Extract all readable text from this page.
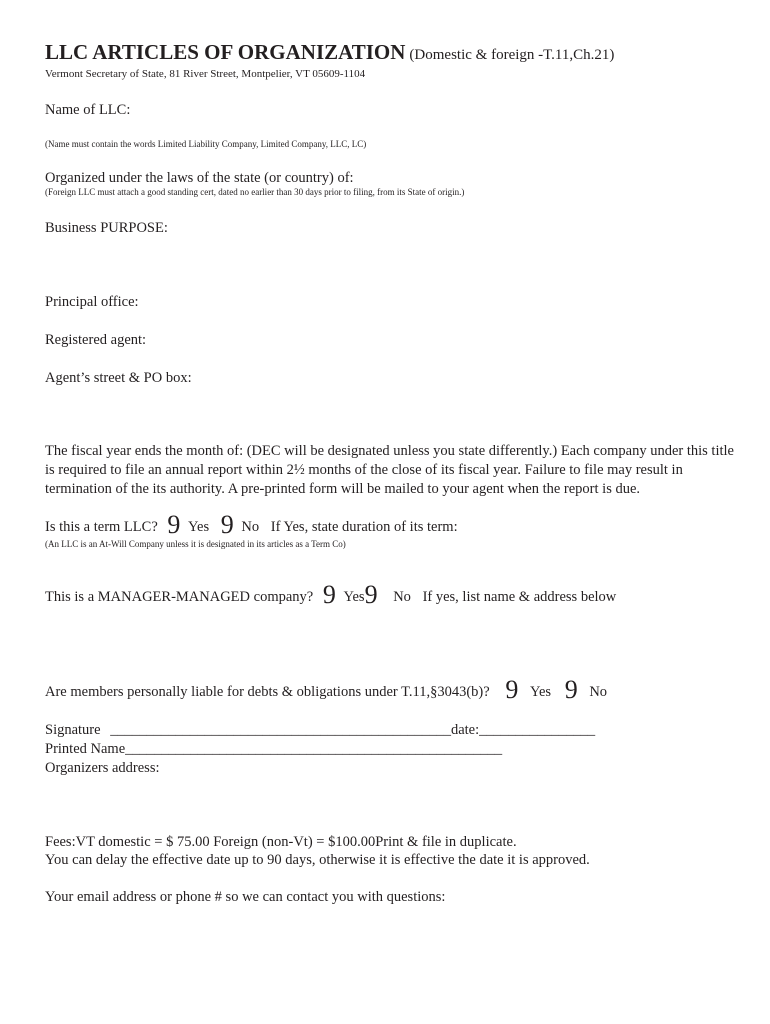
LLC ARTICLES OF ORGANIZATION (Domestic & foreign -T.11,Ch.21)
Vermont Secretary of State, 81 River Street, Montpelier, VT 05609-1104
Name of LLC:
(Name must contain the words Limited Liability Company, Limited Company, LLC, LC)
Organized under the laws of the state (or country) of:
(Foreign LLC must attach a good standing cert, dated no earlier than 30 days prior to filing, from its State of origin.)
Business PURPOSE:
Principal office:
Registered agent:
Agent’s street & PO box:
The fiscal year ends the month of: (DEC will be designated unless you state differently.) Each company under this title is required to file an annual report within 2½ months of the close of its fiscal year. Failure to file may result in termination of the its authority. A pre-printed form will be mailed to your agent when the report is due.
Is this a term LLC? 9 Yes 9 No If Yes, state duration of its term:
(An LLC is an At-Will Company unless it is designated in its articles as a Term Co)
This is a MANAGER-MANAGED company? 9 Yes9 No If yes, list name & address below
Are members personally liable for debts & obligations under T.11,§3043(b)? 9 Yes 9 No
Signature _______________________________________________date:________________
Printed Name____________________________________________________
Organizers address:
Fees:VT domestic = $ 75.00 Foreign (non-Vt) = $100.00Print & file in duplicate.
You can delay the effective date up to 90 days, otherwise it is effective the date it is approved.
Your email address or phone # so we can contact you with questions:
